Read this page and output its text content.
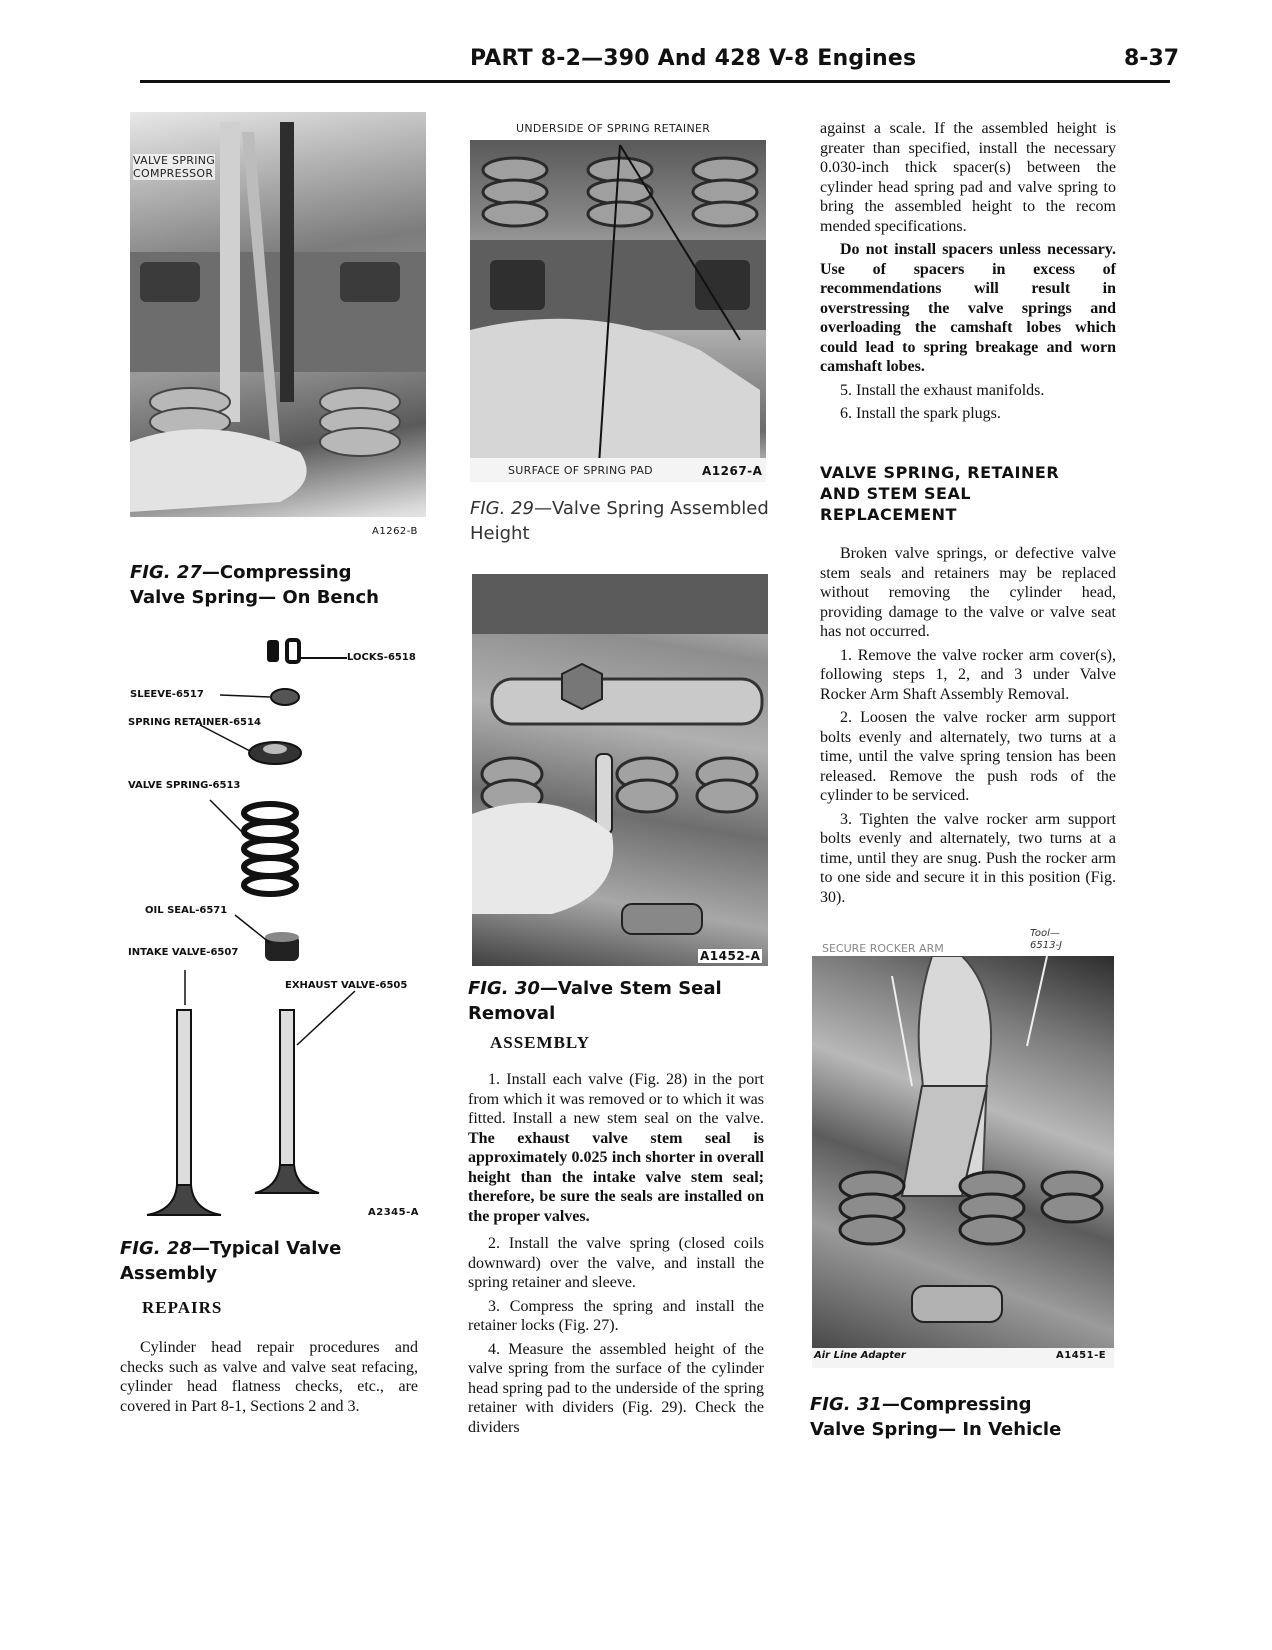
PART 8-2—390 And 428 V-8 Engines	8-37
VALVE SPRING
COMPRESSOR
A1262-B
FIG. 27—Compressing Valve Spring— On Bench
LOCKS-6518
SLEEVE-6517
SPRING RETAINER-6514
VALVE SPRING-6513
OIL SEAL-6571
INTAKE VALVE-6507
EXHAUST VALVE-6505
A2345-A
FIG. 28—Typical Valve Assembly
REPAIRS

Cylinder head repair procedures and checks such as valve and valve seat refacing, cylinder head flatness checks, etc., are covered in Part 8-1, Sections 2 and 3.

UNDERSIDE OF SPRING RETAINER
SURFACE OF SPRING PAD	A1267-A
FIG. 29—Valve Spring Assembled Height
A1452-A
FIG. 30—Valve Stem Seal Removal
ASSEMBLY

1. Install each valve (Fig. 28) in the port from which it was removed or to which it was fitted. Install a new stem seal on the valve. The exhaust valve stem seal is approximately 0.025 inch shorter in overall height than the intake valve stem seal; therefore, be sure the seals are installed on the proper valves.

2. Install the valve spring (closed coils downward) over the valve, and install the spring retainer and sleeve.

3. Compress the spring and install the retainer locks (Fig. 27).

4. Measure the assembled height of the valve spring from the surface of the cylinder head spring pad to the underside of the spring retainer with dividers (Fig. 29). Check the dividers

against a scale. If the assembled height is greater than specified, install the necessary 0.030-inch thick spacer(s) between the cylinder head spring pad and valve spring to bring the assembled height to the recom mended specifications.

Do not install spacers unless necessary. Use of spacers in excess of recommendations will result in overstressing the valve springs and overloading the camshaft lobes which could lead to spring breakage and worn camshaft lobes.

5. Install the exhaust manifolds.

6. Install the spark plugs.

VALVE SPRING, RETAINER AND STEM SEAL REPLACEMENT

Broken valve springs, or defective valve stem seals and retainers may be replaced without removing the cylinder head, providing damage to the valve or valve seat has not occurred.

1. Remove the valve rocker arm cover(s), following steps 1, 2, and 3 under Valve Rocker Arm Shaft Assembly Removal.

2. Loosen the valve rocker arm support bolts evenly and alternately, two turns at a time, until the valve spring tension has been released. Remove the push rods of the cylinder to be serviced.

3. Tighten the valve rocker arm support bolts evenly and alternately, two turns at a time, until they are snug. Push the rocker arm to one side and secure it in this position (Fig. 30).

SECURE ROCKER ARM
Tool—
6513-J
Air Line Adapter	A1451-E
FIG. 31—Compressing Valve Spring— In Vehicle
